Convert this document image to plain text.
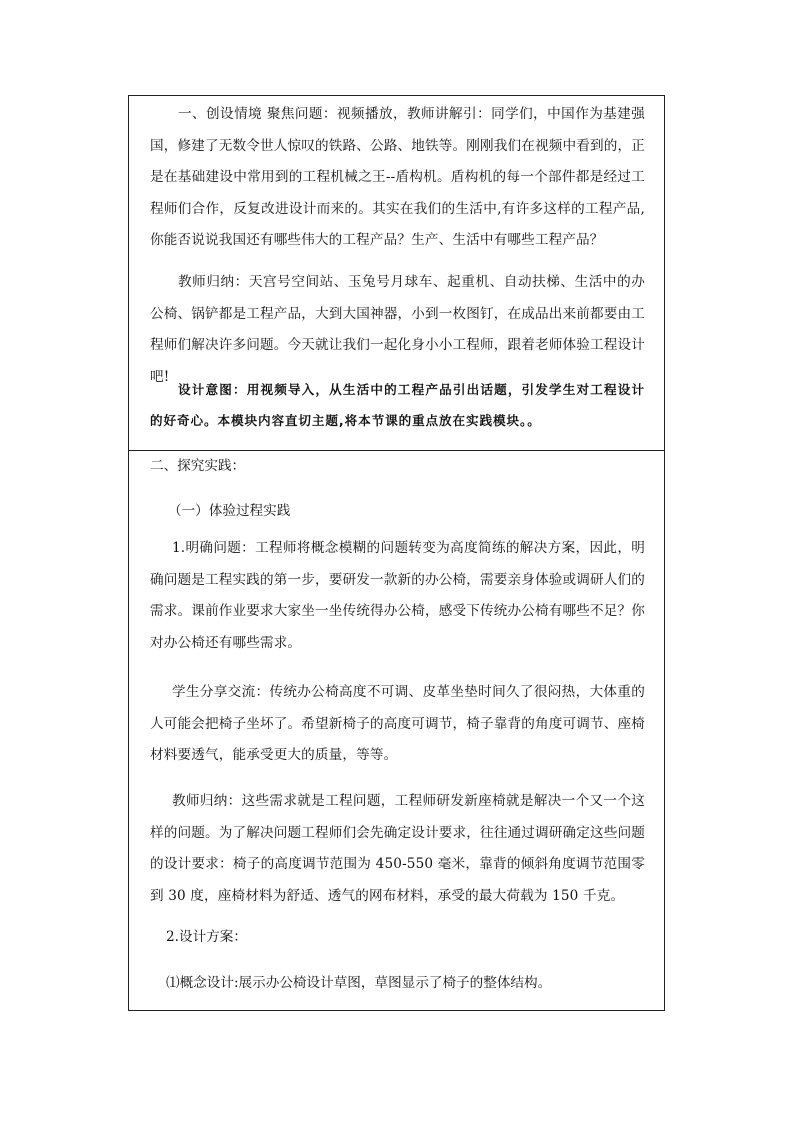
一、创设情境 聚焦问题：视频播放，教师讲解引：同学们，中国作为基建强国，修建了无数令世人惊叹的铁路、公路、地铁等。刚刚我们在视频中看到的，正是在基础建设中常用到的工程机械之王--盾构机。盾构机的每一个部件都是经过工程师们合作，反复改进设计而来的。其实在我们的生活中,有许多这样的工程产品,你能否说说我国还有哪些伟大的工程产品？生产、生活中有哪些工程产品？

教师归纳：天宫号空间站、玉兔号月球车、起重机、自动扶梯、生活中的办公椅、锅铲都是工程产品，大到大国神器，小到一枚图钉，在成品出来前都要由工程师们解决许多问题。今天就让我们一起化身小小工程师，跟着老师体验工程设计吧!

设计意图：用视频导入，从生活中的工程产品引出话题，引发学生对工程设计的好奇心。本模块内容直切主题,将本节课的重点放在实践模块。。

二、探究实践：

（一）体验过程实践

1.明确问题：工程师将概念模糊的问题转变为高度简练的解决方案，因此，明确问题是工程实践的第一步，要研发一款新的办公椅，需要亲身体验或调研人们的需求。课前作业要求大家坐一坐传统得办公椅，感受下传统办公椅有哪些不足？你对办公椅还有哪些需求。

学生分享交流：传统办公椅高度不可调、皮革坐垫时间久了很闷热，大体重的人可能会把椅子坐坏了。希望新椅子的高度可调节，椅子靠背的角度可调节、座椅材料要透气，能承受更大的质量，等等。

教师归纳：这些需求就是工程问题，工程师研发新座椅就是解决一个又一个这样的问题。为了解决问题工程师们会先确定设计要求，往往通过调研确定这些问题的设计要求：椅子的高度调节范围为 450-550 毫米，靠背的倾斜角度调节范围零到 30 度，座椅材料为舒适、透气的网布材料，承受的最大荷载为 150 千克。

2.设计方案：

⑴概念设计:展示办公椅设计草图，草图显示了椅子的整体结构。
